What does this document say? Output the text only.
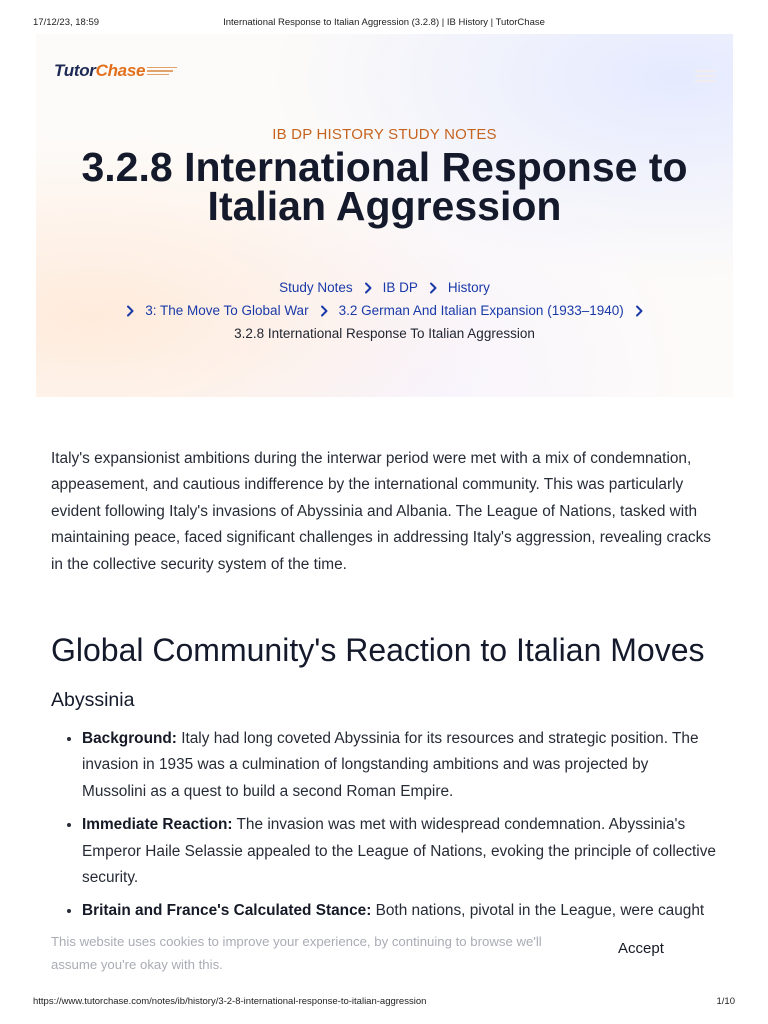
17/12/23, 18:59	International Response to Italian Aggression (3.2.8) | IB History | TutorChase
TutorChase
IB DP HISTORY STUDY NOTES
3.2.8 International Response to
Italian Aggression
Study Notes IB DP History
3: The Move To Global War 3.2 German And Italian Expansion (1933–1940)
3.2.8 International Response To Italian Aggression

Italy's expansionist ambitions during the interwar period were met with a mix of condemnation, appeasement, and cautious indifference by the international community. This was particularly evident following Italy's invasions of Abyssinia and Albania. The League of Nations, tasked with maintaining peace, faced significant challenges in addressing Italy's aggression, revealing cracks in the collective security system of the time.

Global Community's Reaction to Italian Moves
Abyssinia
• Background: Italy had long coveted Abyssinia for its resources and strategic position. The invasion in 1935 was a culmination of longstanding ambitions and was projected by Mussolini as a quest to build a second Roman Empire.
• Immediate Reaction: The invasion was met with widespread condemnation. Abyssinia's Emperor Haile Selassie appealed to the League of Nations, evoking the principle of collective security.
• Britain and France's Calculated Stance: Both nations, pivotal in the League, were caught

This website uses cookies to improve your experience, by continuing to browse we'll assume you're okay with this.

Accept
https://www.tutorchase.com/notes/ib/history/3-2-8-international-response-to-italian-aggression	1/10
